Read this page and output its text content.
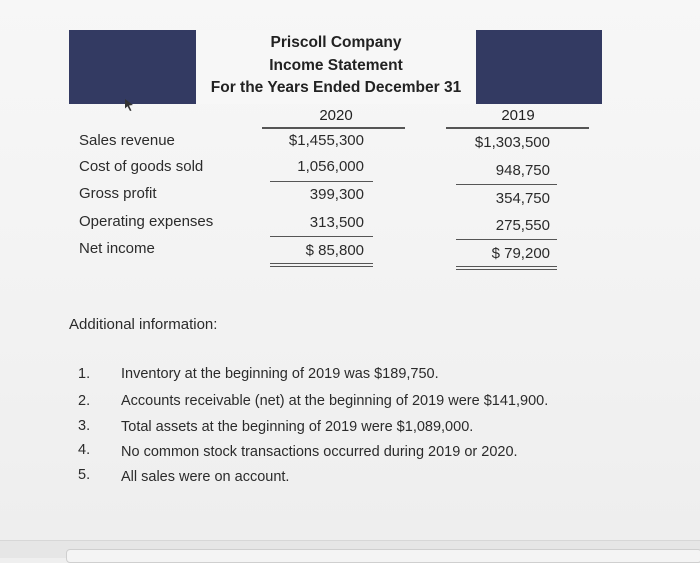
Priscoll Company
Income Statement
For the Years Ended December 31
2020	2019
Sales revenue
Cost of goods sold
Gross profit
Operating expenses
Net income
$1,455,300
1,056,000
399,300
313,500
$ 85,800
$1,303,500
948,750
354,750
275,550
$ 79,200
Additional information:
1. Inventory at the beginning of 2019 was $189,750.
2. Accounts receivable (net) at the beginning of 2019 were $141,900.
3. Total assets at the beginning of 2019 were $1,089,000.
4. No common stock transactions occurred during 2019 or 2020.
5. All sales were on account.
